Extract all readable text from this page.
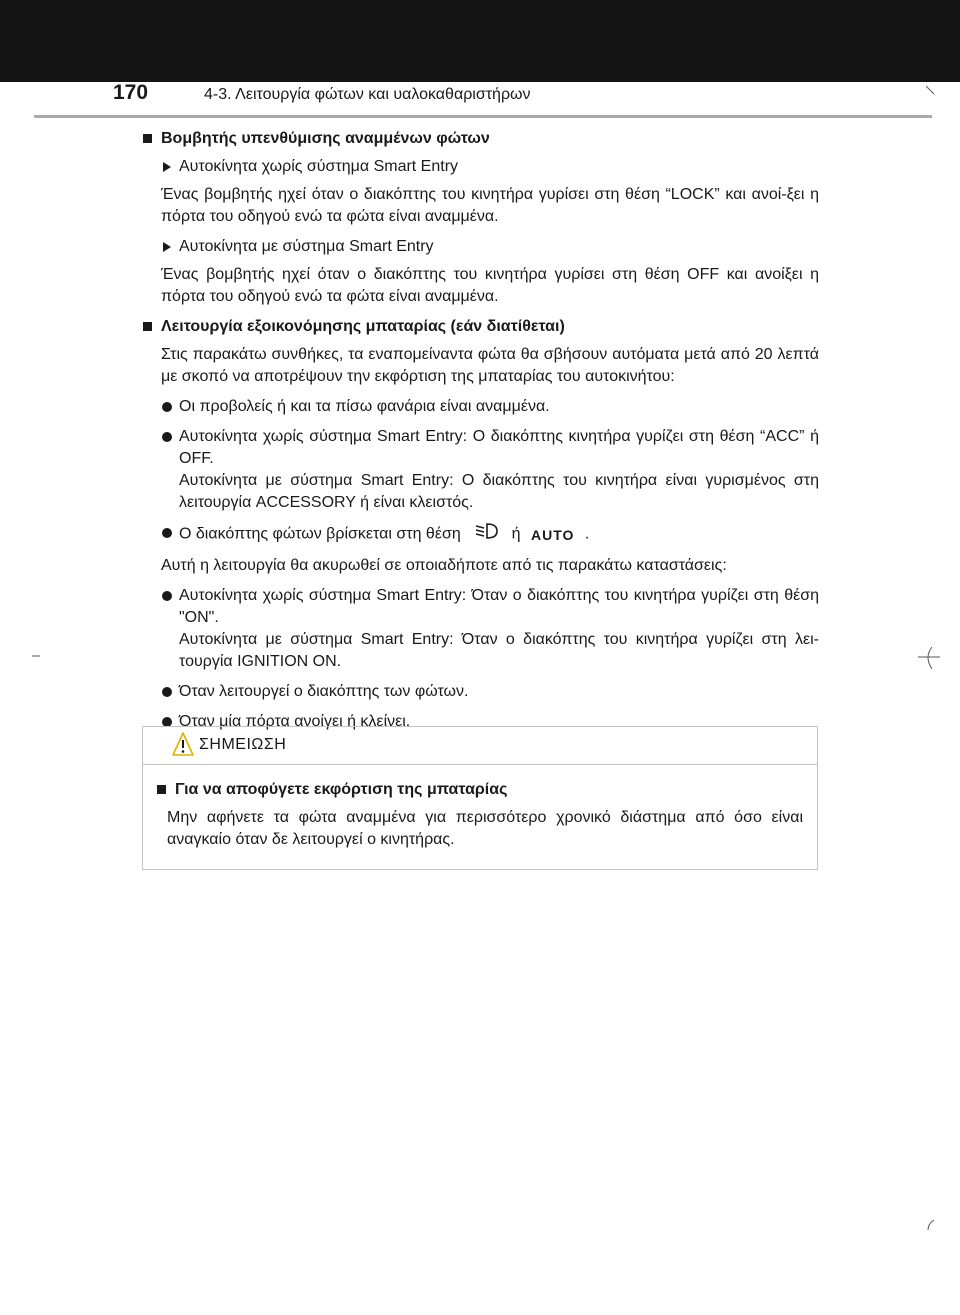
170	4-3. Λειτουργία φώτων και υαλοκαθαριστήρων
Βομβητής υπενθύμισης αναμμένων φώτων
Αυτοκίνητα χωρίς σύστημα Smart Entry
Ένας βομβητής ηχεί όταν ο διακόπτης του κινητήρα γυρίσει στη θέση “LOCK” και ανοί-ξει η πόρτα του οδηγού ενώ τα φώτα είναι αναμμένα.
Αυτοκίνητα με σύστημα Smart Entry
Ένας βομβητής ηχεί όταν ο διακόπτης του κινητήρα γυρίσει στη θέση OFF και ανοίξει η πόρτα του οδηγού ενώ τα φώτα είναι αναμμένα.
Λειτουργία εξοικονόμησης μπαταρίας (εάν διατίθεται)
Στις παρακάτω συνθήκες, τα εναπομείναντα φώτα θα σβήσουν αυτόματα μετά από 20 λεπτά με σκοπό να αποτρέψουν την εκφόρτιση της μπαταρίας του αυτοκινήτου:
Οι προβολείς ή και τα πίσω φανάρια είναι αναμμένα.
Αυτοκίνητα χωρίς σύστημα Smart Entry: Ο διακόπτης κινητήρα γυρίζει στη θέση “ACC” ή OFF.
Αυτοκίνητα με σύστημα Smart Entry: Ο διακόπτης του κινητήρα είναι γυρισμένος στη λειτουργία ACCESSORY ή είναι κλειστός.
Ο διακόπτης φώτων βρίσκεται στη θέση	ή AUTO .
Αυτή η λειτουργία θα ακυρωθεί σε οποιαδήποτε από τις παρακάτω καταστάσεις:
Αυτοκίνητα χωρίς σύστημα Smart Entry: Όταν ο διακόπτης του κινητήρα γυρίζει στη θέση "ON".
Αυτοκίνητα με σύστημα Smart Entry: Όταν ο διακόπτης του κινητήρα γυρίζει στη λει-τουργία IGNITION ON.
Όταν λειτουργεί ο διακόπτης των φώτων.
Όταν μία πόρτα ανοίγει ή κλείνει.
ΣΗΜΕΙΩΣΗ
Για να αποφύγετε εκφόρτιση της μπαταρίας
Μην αφήνετε τα φώτα αναμμένα για περισσότερο χρονικό διάστημα από όσο είναι αναγκαίο όταν δε λειτουργεί ο κινητήρας.
